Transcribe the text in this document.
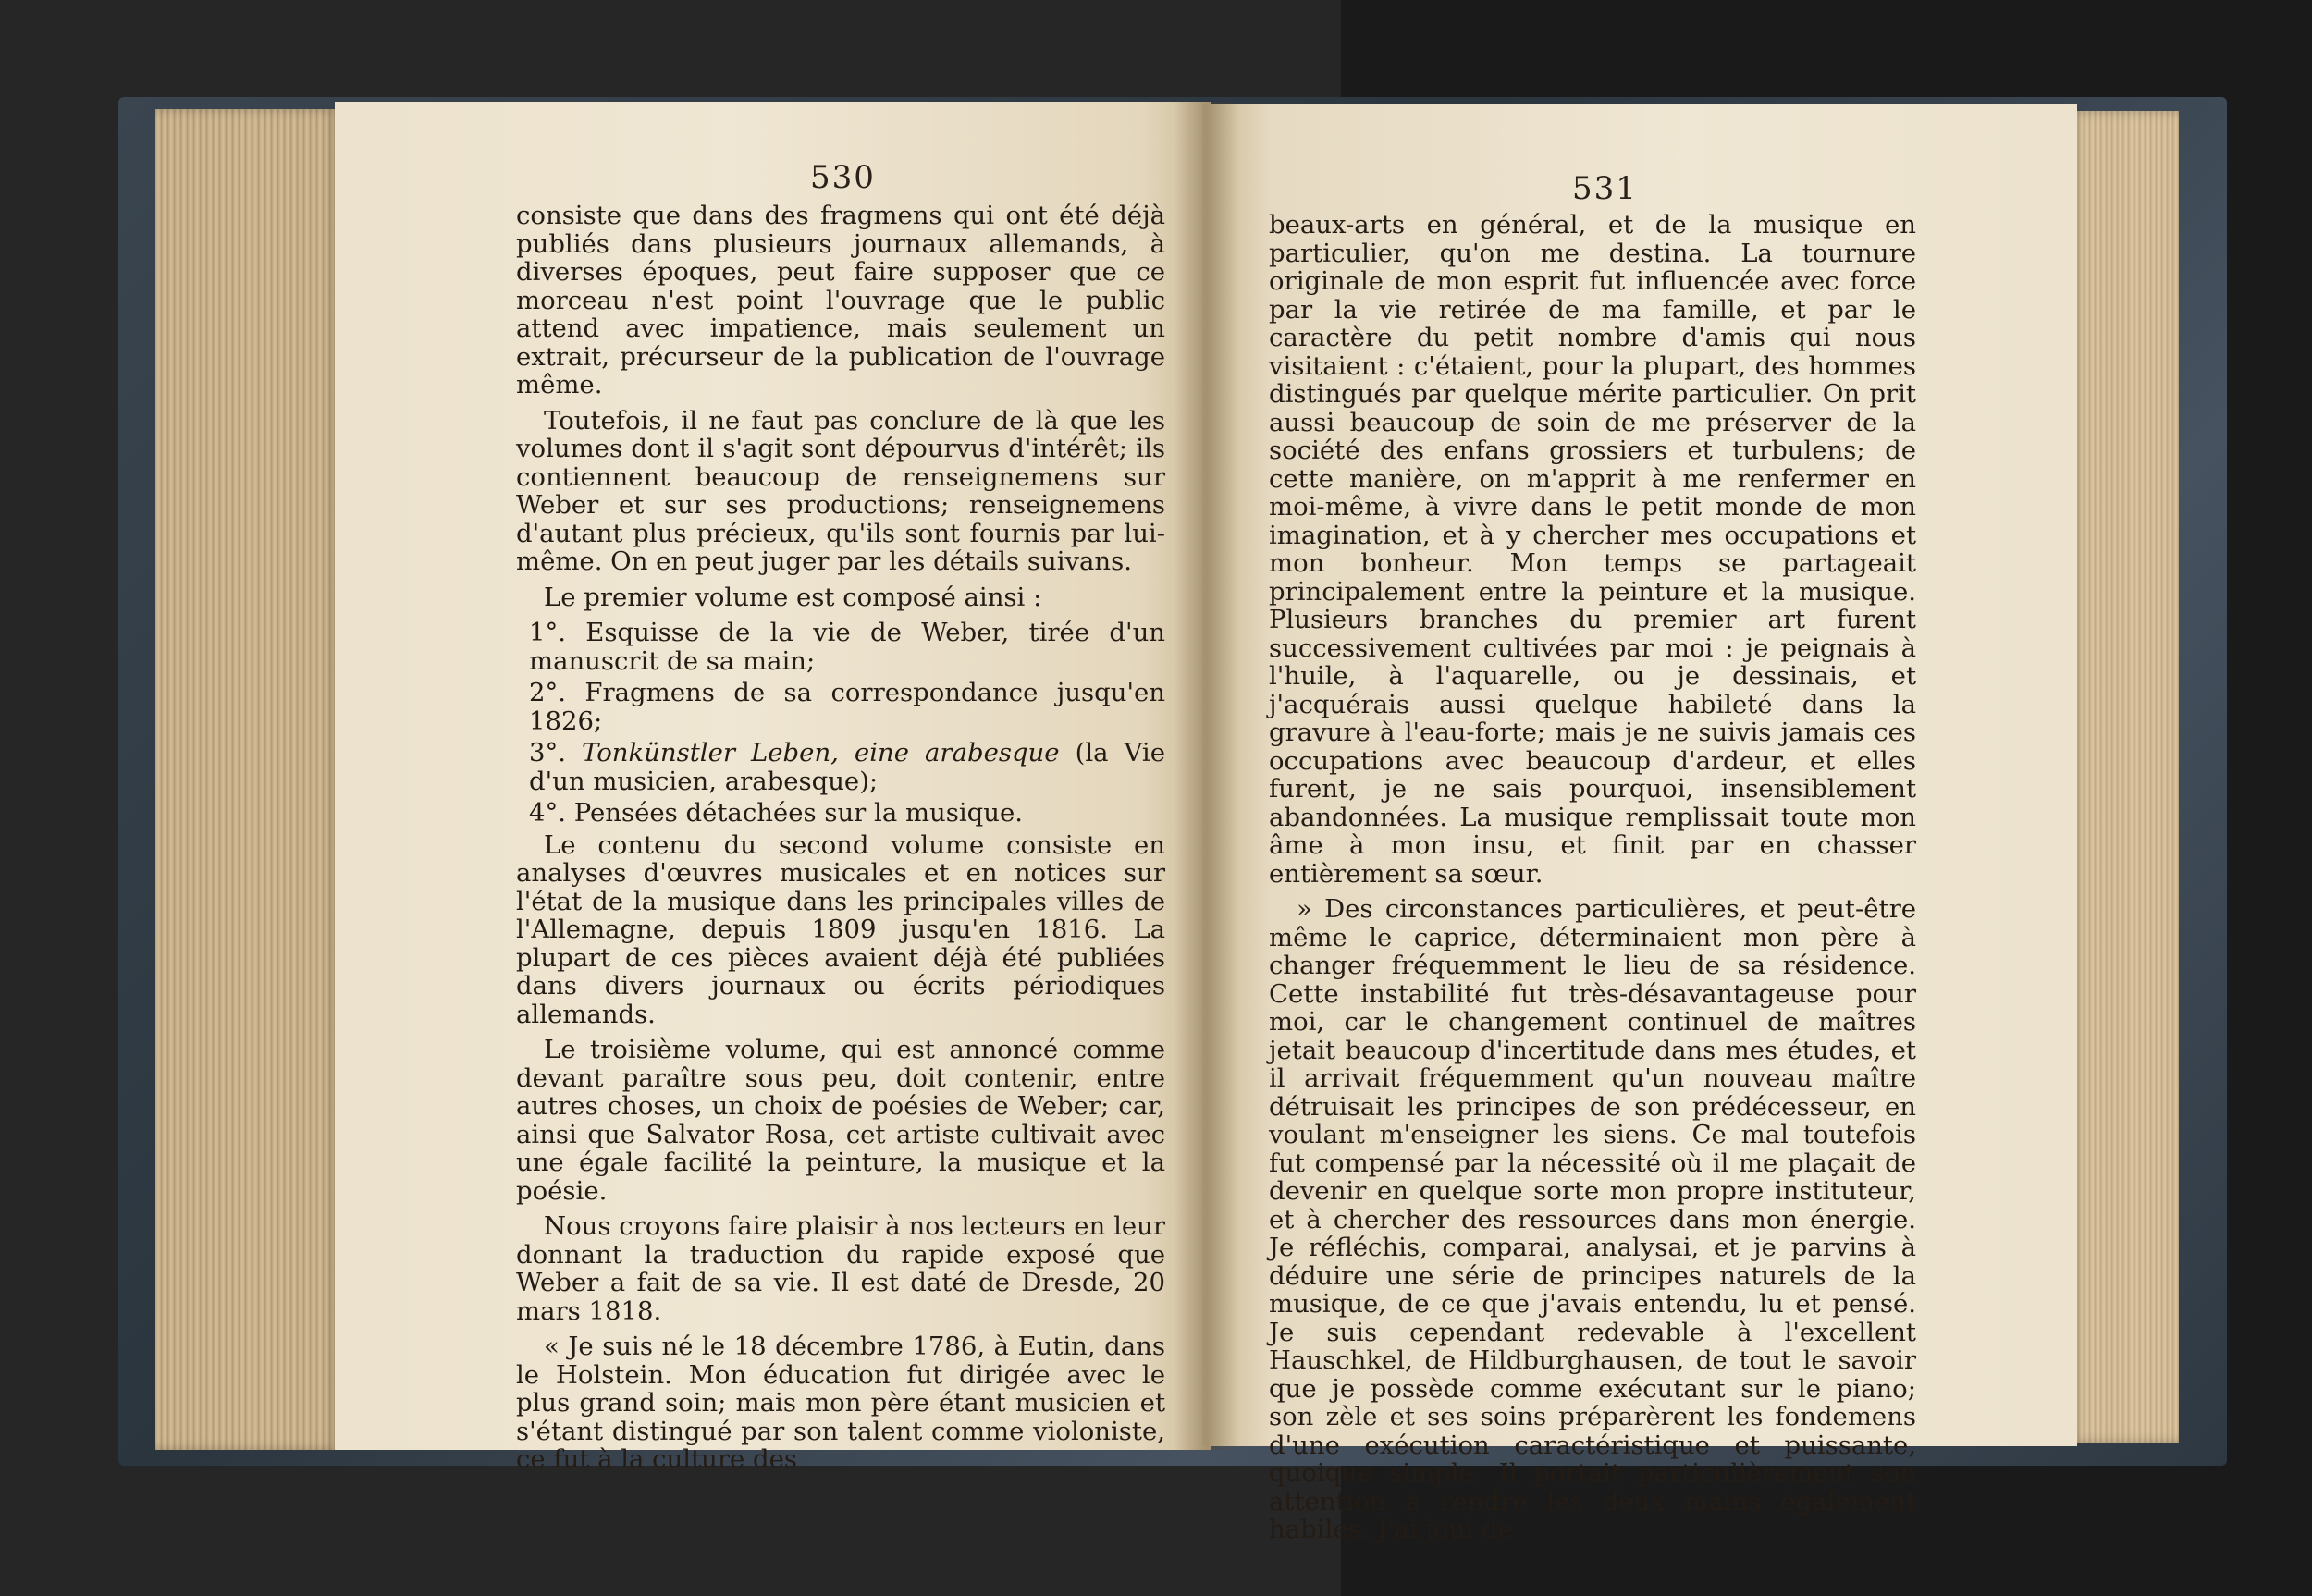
530

consiste que dans des fragmens qui ont été déjà publiés dans plusieurs journaux allemands, à diverses époques, peut faire supposer que ce morceau n'est point l'ouvrage que le public attend avec impatience, mais seulement un extrait, précurseur de la publication de l'ouvrage même.

Toutefois, il ne faut pas conclure de là que les volumes dont il s'agit sont dépourvus d'intérêt; ils contiennent beaucoup de renseignemens sur Weber et sur ses productions; renseignemens d'autant plus précieux, qu'ils sont fournis par lui-même. On en peut juger par les détails suivans.

Le premier volume est composé ainsi :

1°. Esquisse de la vie de Weber, tirée d'un manuscrit de sa main;

2°. Fragmens de sa correspondance jusqu'en 1826;

3°. Tonkünstler Leben, eine arabesque (la Vie d'un musicien, arabesque);

4°. Pensées détachées sur la musique.

Le contenu du second volume consiste en analyses d'œuvres musicales et en notices sur l'état de la musique dans les principales villes de l'Allemagne, depuis 1809 jusqu'en 1816. La plupart de ces pièces avaient déjà été publiées dans divers journaux ou écrits périodiques allemands.

Le troisième volume, qui est annoncé comme devant paraître sous peu, doit contenir, entre autres choses, un choix de poésies de Weber; car, ainsi que Salvator Rosa, cet artiste cultivait avec une égale facilité la peinture, la musique et la poésie.

Nous croyons faire plaisir à nos lecteurs en leur donnant la traduction du rapide exposé que Weber a fait de sa vie. Il est daté de Dresde, 20 mars 1818.

« Je suis né le 18 décembre 1786, à Eutin, dans le Holstein. Mon éducation fut dirigée avec le plus grand soin; mais mon père étant musicien et s'étant distingué par son talent comme violoniste, ce fut à la culture des

531

beaux-arts en général, et de la musique en particulier, qu'on me destina. La tournure originale de mon esprit fut influencée avec force par la vie retirée de ma famille, et par le caractère du petit nombre d'amis qui nous visitaient : c'étaient, pour la plupart, des hommes distingués par quelque mérite particulier. On prit aussi beaucoup de soin de me préserver de la société des enfans grossiers et turbulens; de cette manière, on m'apprit à me renfermer en moi-même, à vivre dans le petit monde de mon imagination, et à y chercher mes occupations et mon bonheur. Mon temps se partageait principalement entre la peinture et la musique. Plusieurs branches du premier art furent successivement cultivées par moi : je peignais à l'huile, à l'aquarelle, ou je dessinais, et j'acquérais aussi quelque habileté dans la gravure à l'eau-forte; mais je ne suivis jamais ces occupations avec beaucoup d'ardeur, et elles furent, je ne sais pourquoi, insensiblement abandonnées. La musique remplissait toute mon âme à mon insu, et finit par en chasser entièrement sa sœur.

» Des circonstances particulières, et peut-être même le caprice, déterminaient mon père à changer fréquemment le lieu de sa résidence. Cette instabilité fut très-désavantageuse pour moi, car le changement continuel de maîtres jetait beaucoup d'incertitude dans mes études, et il arrivait fréquemment qu'un nouveau maître détruisait les principes de son prédécesseur, en voulant m'enseigner les siens. Ce mal toutefois fut compensé par la nécessité où il me plaçait de devenir en quelque sorte mon propre instituteur, et à chercher des ressources dans mon énergie. Je réfléchis, comparai, analysai, et je parvins à déduire une série de principes naturels de la musique, de ce que j'avais entendu, lu et pensé. Je suis cependant redevable à l'excellent Hauschkel, de Hildburghausen, de tout le savoir que je possède comme exécutant sur le piano; son zèle et ses soins préparèrent les fondemens d'une exécution caractéristique et puissante, quoique simple. Il portait particulièrement son attention à rendre les deux mains également habiles. J'ai joui de
